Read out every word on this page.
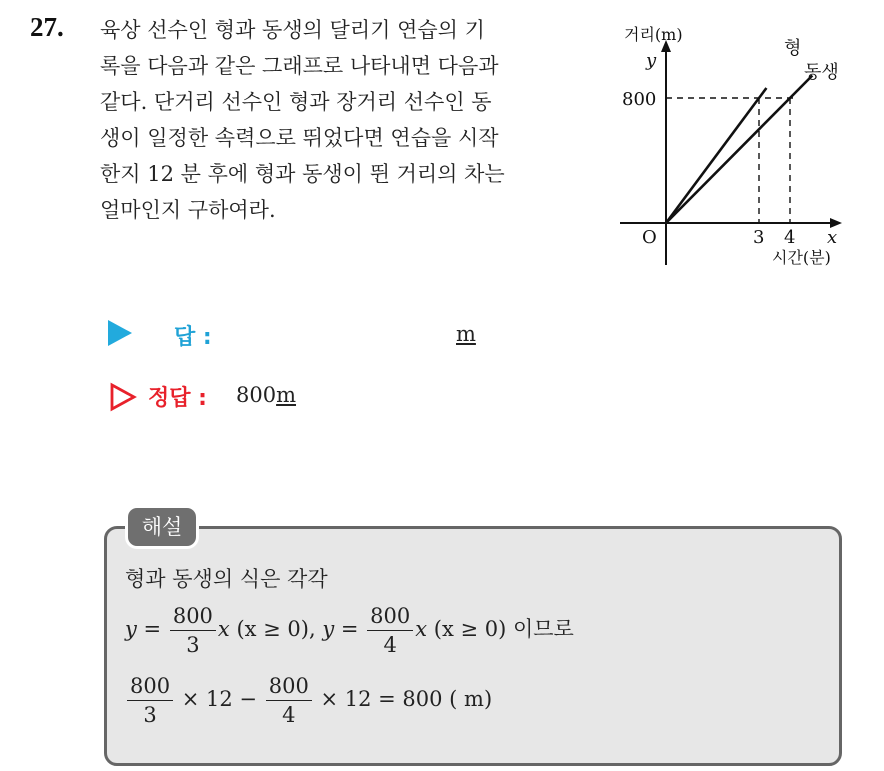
27. 육상 선수인 형과 동생의 달리기 연습의 기
록을 다음과 같은 그래프로 나타내면 다음과
같다. 단거리 선수인 형과 장거리 선수인 동
생이 일정한 속력으로 뛰었다면 연습을 시작
한지 12 분 후에 형과 동생이 뛴 거리의 차는
얼마인지 구하여라.
거리(m)
y
800
O	3 4 x
시간(분)
형
동생
답 :	m
정답 : 800m
해설
형과 동생의 식은 각각
$y = \frac{800}{3}$ x (x ≥ 0), $y = \frac{800}{4}$ x (x ≥ 0) 이므로
$\frac{800}{3} \times 12 - \frac{800}{4} \times 12 = 800$ ( m)
